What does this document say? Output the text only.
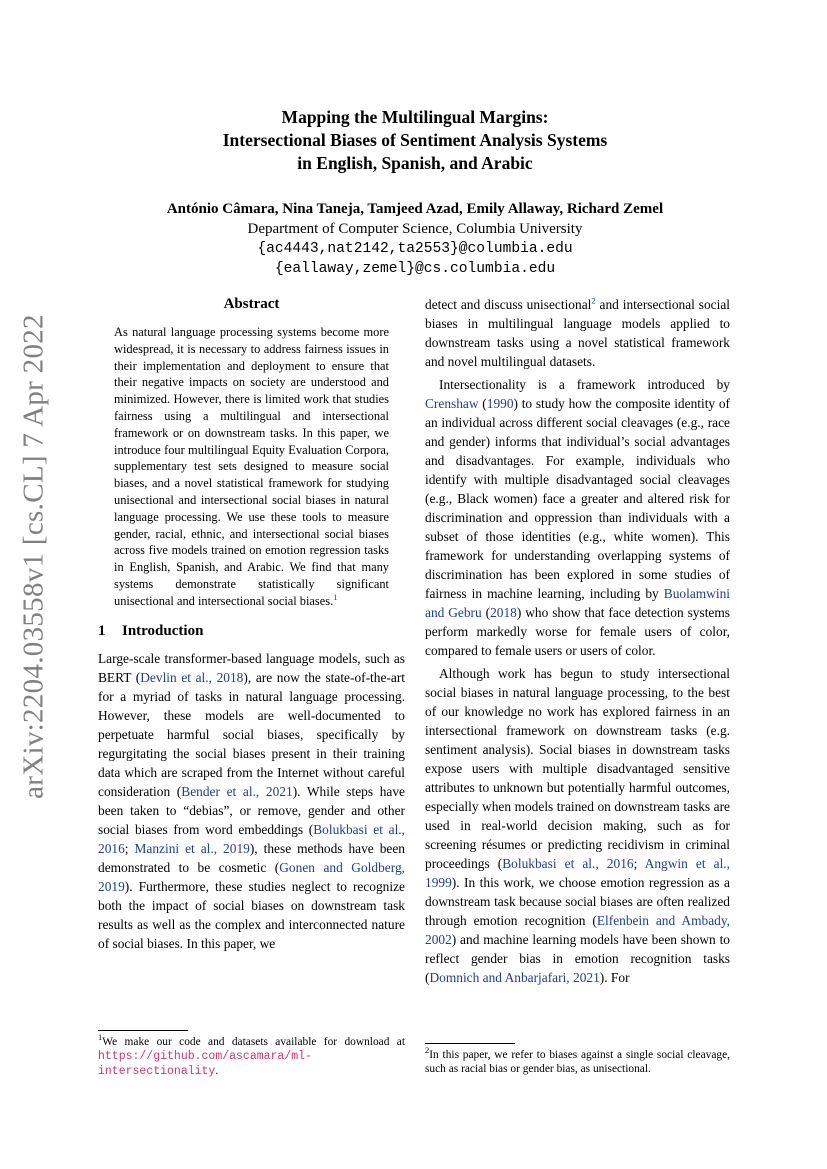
arXiv:2204.03558v1 [cs.CL] 7 Apr 2022
Mapping the Multilingual Margins:
Intersectional Biases of Sentiment Analysis Systems
in English, Spanish, and Arabic
António Câmara, Nina Taneja, Tamjeed Azad, Emily Allaway, Richard Zemel
Department of Computer Science, Columbia University
{ac4443,nat2142,ta2553}@columbia.edu
{eallaway,zemel}@cs.columbia.edu
Abstract
As natural language processing systems become more widespread, it is necessary to address fairness issues in their implementation and deployment to ensure that their negative impacts on society are understood and minimized. However, there is limited work that studies fairness using a multilingual and intersectional framework or on downstream tasks. In this paper, we introduce four multilingual Equity Evaluation Corpora, supplementary test sets designed to measure social biases, and a novel statistical framework for studying unisectional and intersectional social biases in natural language processing. We use these tools to measure gender, racial, ethnic, and intersectional social biases across five models trained on emotion regression tasks in English, Spanish, and Arabic. We find that many systems demonstrate statistically significant unisectional and intersectional social biases.$^1$
1 Introduction

Large-scale transformer-based language models, such as BERT (Devlin et al., 2018), are now the state-of-the-art for a myriad of tasks in natural language processing. However, these models are well-documented to perpetuate harmful social biases, specifically by regurgitating the social biases present in their training data which are scraped from the Internet without careful consideration (Bender et al., 2021). While steps have been taken to “debias”, or remove, gender and other social biases from word embeddings (Bolukbasi et al., 2016; Manzini et al., 2019), these methods have been demonstrated to be cosmetic (Gonen and Goldberg, 2019). Furthermore, these studies neglect to recognize both the impact of social biases on downstream task results as well as the complex and interconnected nature of social biases. In this paper, we

detect and discuss unisectional$^2$ and intersectional social biases in multilingual language models applied to downstream tasks using a novel statistical framework and novel multilingual datasets.

Intersectionality is a framework introduced by Crenshaw (1990) to study how the composite identity of an individual across different social cleavages (e.g., race and gender) informs that individual’s social advantages and disadvantages. For example, individuals who identify with multiple disadvantaged social cleavages (e.g., Black women) face a greater and altered risk for discrimination and oppression than individuals with a subset of those identities (e.g., white women). This framework for understanding overlapping systems of discrimination has been explored in some studies of fairness in machine learning, including by Buolamwini and Gebru (2018) who show that face detection systems perform markedly worse for female users of color, compared to female users or users of color.

Although work has begun to study intersectional social biases in natural language processing, to the best of our knowledge no work has explored fairness in an intersectional framework on downstream tasks (e.g. sentiment analysis). Social biases in downstream tasks expose users with multiple disadvantaged sensitive attributes to unknown but potentially harmful outcomes, especially when models trained on downstream tasks are used in real-world decision making, such as for screening résumes or predicting recidivism in criminal proceedings (Bolukbasi et al., 2016; Angwin et al., 1999). In this work, we choose emotion regression as a downstream task because social biases are often realized through emotion recognition (Elfenbein and Ambady, 2002) and machine learning models have been shown to reflect gender bias in emotion recognition tasks (Domnich and Anbarjafari, 2021). For

$^1$We make our code and datasets available for download at https://github.com/ascamara/ml-intersectionality.
$^2$In this paper, we refer to biases against a single social cleavage, such as racial bias or gender bias, as unisectional.
